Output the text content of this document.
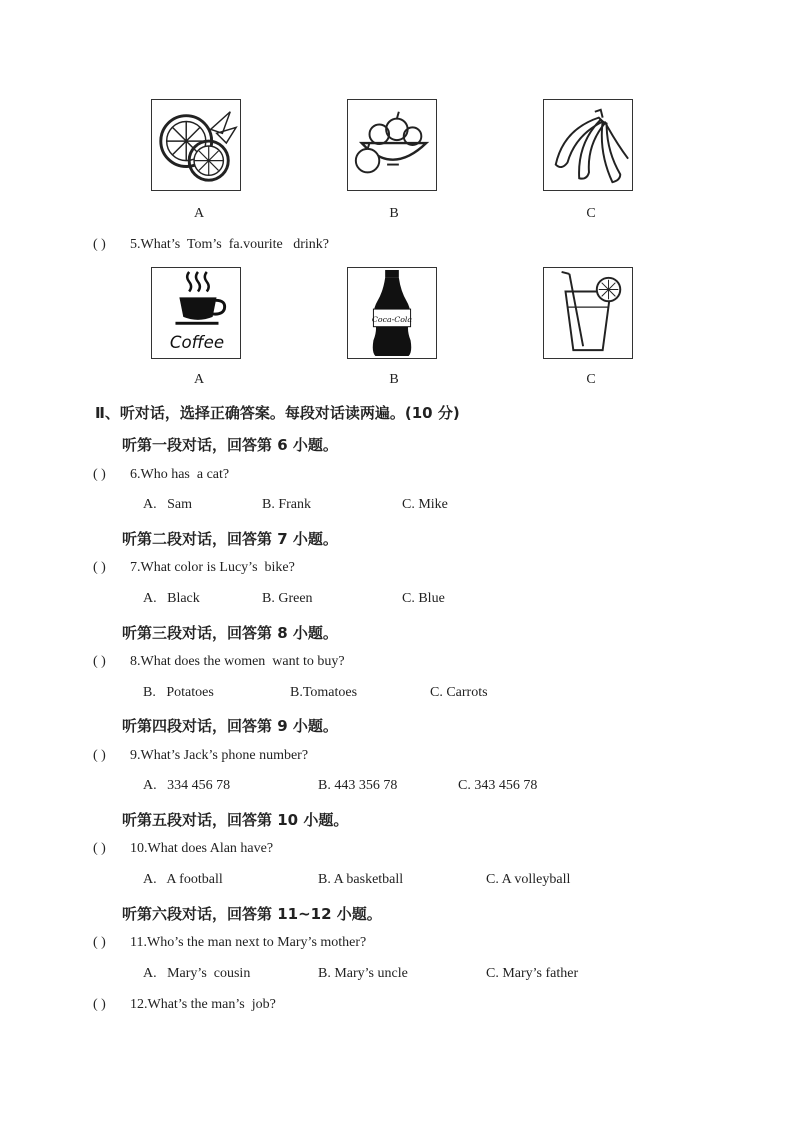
A	B	C
( ) 5.What’s  Tom’s  fa.vourite   drink?
Coffee
Coca-Cola
A	B	C
Ⅱ、听对话，选择正确答案。每段对话读两遍。(10 分)
听第一段对话，回答第 6 小题。
( ) 6.Who has  a cat?
A.   Sam	B. Frank	C. Mike
听第二段对话，回答第 7 小题。
( ) 7.What color is Lucy’s  bike?
A.   Black	B. Green	C. Blue
听第三段对话，回答第 8 小题。
( ) 8.What does the women  want to buy?
B.   Potatoes	B.Tomatoes	C. Carrots
听第四段对话，回答第 9 小题。
( ) 9.What’s Jack’s phone number?
A.   334 456 78	B. 443 356 78	C. 343 456 78
听第五段对话，回答第 10 小题。
( ) 10.What does Alan have?
A.   A football	B. A basketball	C. A volleyball
听第六段对话，回答第 11~12 小题。
( ) 11.Who’s the man next to Mary’s mother?
A.   Mary’s  cousin	B. Mary’s uncle	C. Mary’s father
( ) 12.What’s the man’s  job?
